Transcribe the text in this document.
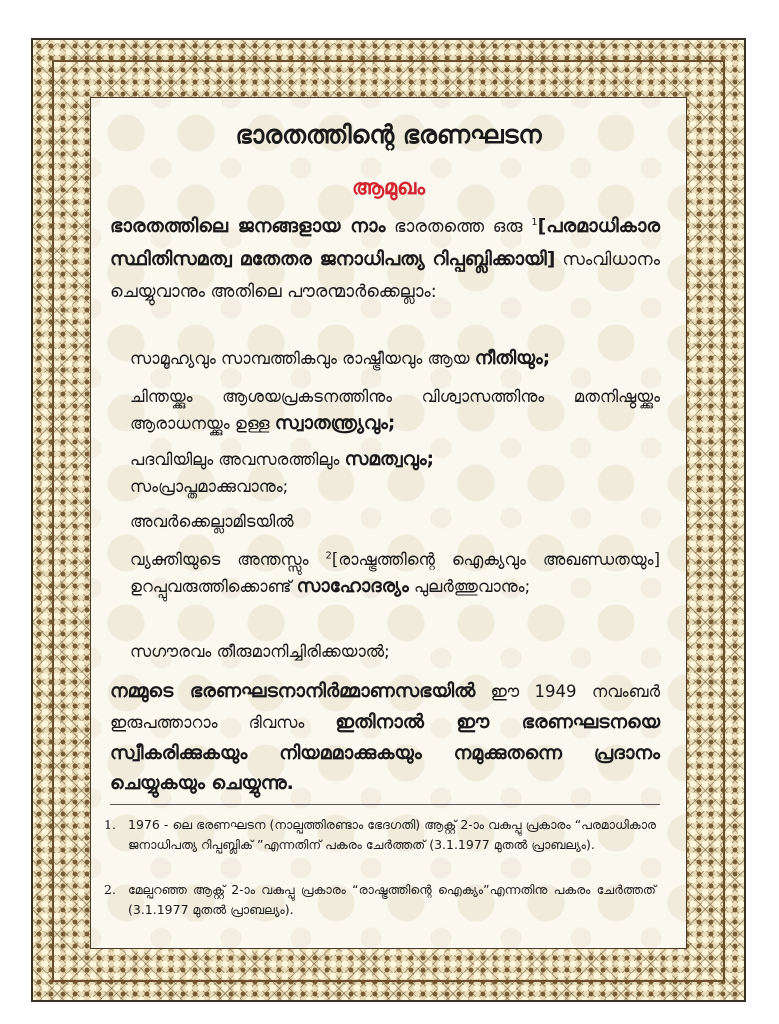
ഭാരതത്തിന്റെ ഭരണഘടന
ആമുഖം
ഭാരതത്തിലെ ജനങ്ങളായ നാം ഭാരതത്തെ ഒരു $^1$[പരമാധികാര സ്ഥിതിസമത്വ മതേതര ജനാധിപത്യ റിപ്പബ്ലിക്കായി] സംവിധാനം ചെയ്യുവാനും അതിലെ പൗരന്മാർക്കെല്ലാം:
സാമൂഹ്യവും സാമ്പത്തികവും രാഷ്ട്രീയവും ആയ നീതിയും;
ചിന്തയ്ക്കും ആശയപ്രകടനത്തിനും വിശ്വാസത്തിനും മതനിഷ്ഠയ്ക്കും ആരാധനയ്ക്കും ഉള്ള സ്വാതന്ത്ര്യവും;
പദവിയിലും അവസരത്തിലും സമത്വവും;
സംപ്രാപ്തമാക്കുവാനും;
അവർക്കെല്ലാമിടയിൽ
വ്യക്തിയുടെ അന്തസ്സും $^2$[രാഷ്ട്രത്തിന്റെ ഐക്യവും അഖണ്ഡതയും] ഉറപ്പുവരുത്തിക്കൊണ്ട് സാഹോദര്യം പുലർത്തുവാനും;
സഗൗരവം തീരുമാനിച്ചിരിക്കയാൽ;
നമ്മുടെ ഭരണഘടനാനിർമ്മാണസഭയിൽ ഈ 1949 നവംബർ ഇരുപത്താറാം ദിവസം ഇതിനാൽ ഈ ഭരണഘടനയെ സ്വീകരിക്കുകയും നിയമമാക്കുകയും നമുക്കുതന്നെ പ്രദാനം ചെയ്യുകയും ചെയ്യുന്നു.
1. 1976 - ലെ ഭരണഘടന (നാല്പത്തിരണ്ടാം ഭേദഗതി) ആക്റ്റ് 2-ാം വകുപ്പു പ്രകാരം “പരമാധികാര ജനാധിപത്യ റിപ്പബ്ലിക് ”എന്നതിന് പകരം ചേർത്തത് (3.1.1977 മുതൽ പ്രാബല്യം).
2. മേല്പറഞ്ഞ ആക്റ്റ് 2-ാം വകുപ്പു പ്രകാരം “രാഷ്ട്രത്തിന്റെ ഐക്യം”എന്നതിനു പകരം ചേർത്തത് (3.1.1977 മുതൽ പ്രാബല്യം).
